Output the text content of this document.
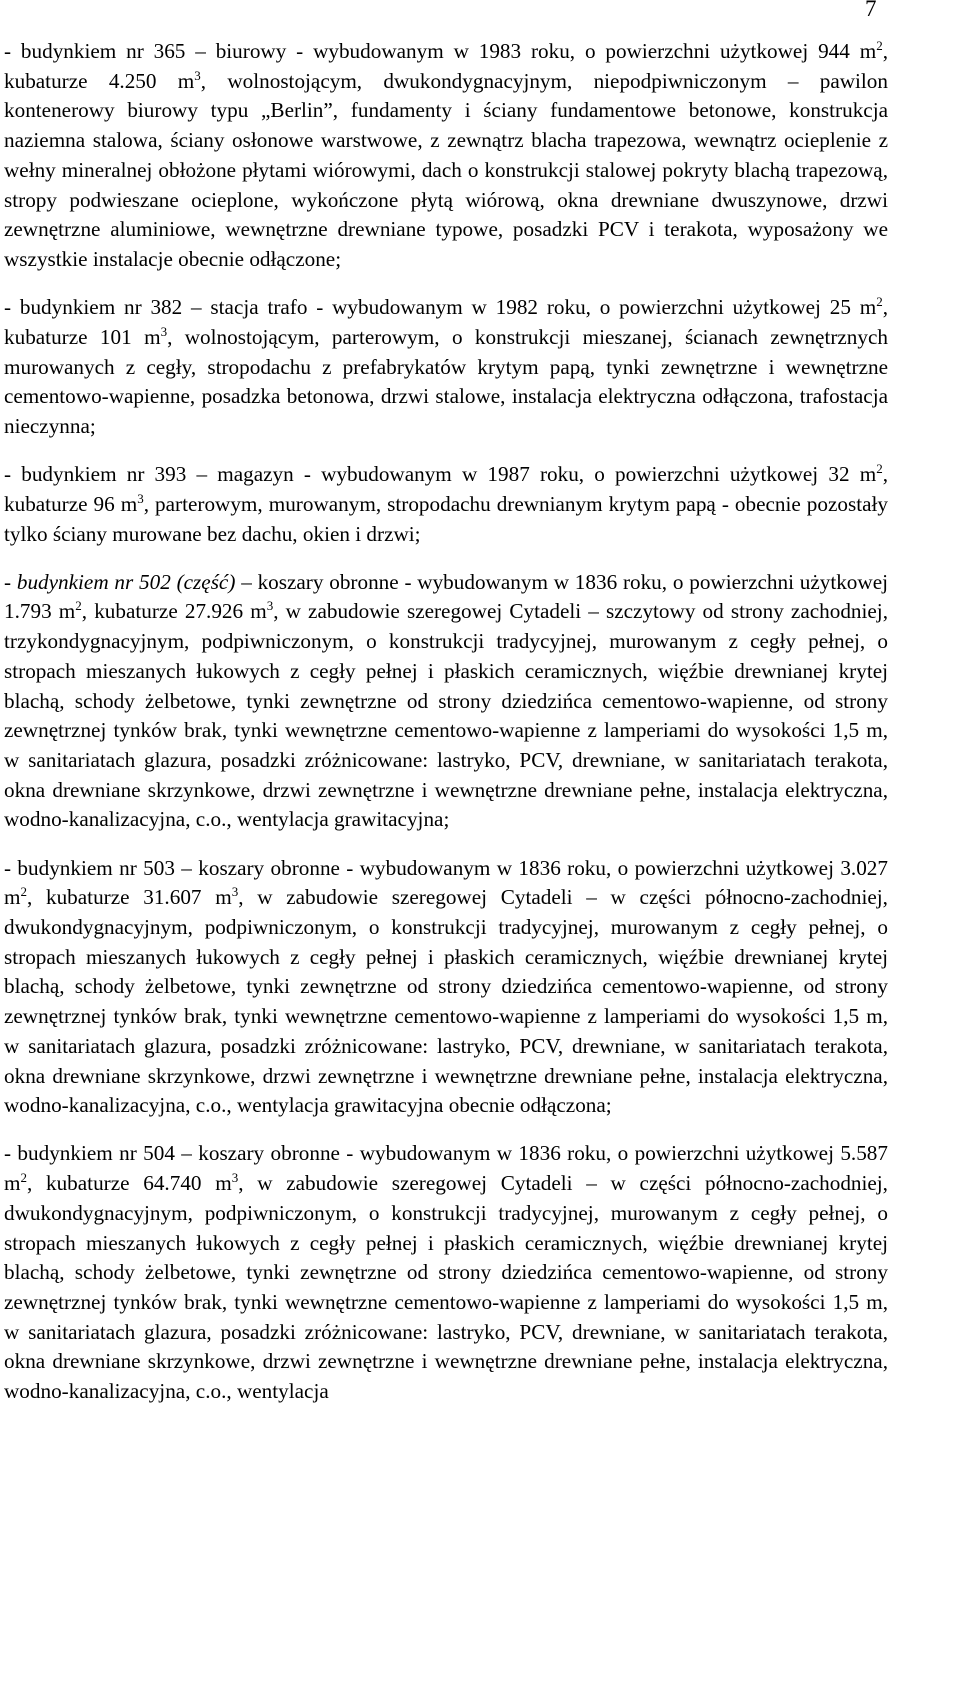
7

- budynkiem nr 365 – biurowy - wybudowanym w 1983 roku, o powierzchni użytkowej 944 $m^2$, kubaturze 4.250 $m^3$, wolnostojącym, dwukondygnacyjnym, niepodpiwniczonym – pawilon kontenerowy biurowy typu „Berlin”, fundamenty i ściany fundamentowe betonowe, konstrukcja naziemna stalowa, ściany osłonowe warstwowe, z zewnątrz blacha trapezowa, wewnątrz ocieplenie z wełny mineralnej obłożone płytami wiórowymi, dach o konstrukcji stalowej pokryty blachą trapezową, stropy podwieszane ocieplone, wykończone płytą wiórową, okna drewniane dwuszynowe, drzwi zewnętrzne aluminiowe, wewnętrzne drewniane typowe, posadzki PCV i terakota, wyposażony we wszystkie instalacje obecnie odłączone;

- budynkiem nr 382 – stacja trafo - wybudowanym w 1982 roku, o powierzchni użytkowej 25 $m^2$, kubaturze 101 $m^3$, wolnostojącym, parterowym, o konstrukcji mieszanej, ścianach zewnętrznych murowanych z cegły, stropodachu z prefabrykatów krytym papą, tynki zewnętrzne i wewnętrzne cementowo-wapienne, posadzka betonowa, drzwi stalowe, instalacja elektryczna odłączona, trafostacja nieczynna;

- budynkiem nr 393 – magazyn - wybudowanym w 1987 roku, o powierzchni użytkowej 32 $m^2$, kubaturze 96 $m^3$, parterowym, murowanym, stropodachu drewnianym krytym papą - obecnie pozostały tylko ściany murowane bez dachu, okien i drzwi;

- budynkiem nr 502 (część) – koszary obronne - wybudowanym w 1836 roku, o powierzchni użytkowej 1.793 $m^2$, kubaturze 27.926 $m^3$, w zabudowie szeregowej Cytadeli – szczytowy od strony zachodniej, trzykondygnacyjnym, podpiwniczonym, o konstrukcji tradycyjnej, murowanym z cegły pełnej, o stropach mieszanych łukowych z cegły pełnej i płaskich ceramicznych, więźbie drewnianej krytej blachą, schody żelbetowe, tynki zewnętrzne od strony dziedzińca cementowo-wapienne, od strony zewnętrznej tynków brak, tynki wewnętrzne cementowo-wapienne z lamperiami do wysokości 1,5 m, w sanitariatach glazura, posadzki zróżnicowane: lastryko, PCV, drewniane, w sanitariatach terakota, okna drewniane skrzynkowe, drzwi zewnętrzne i wewnętrzne drewniane pełne, instalacja elektryczna, wodno-kanalizacyjna, c.o., wentylacja grawitacyjna;

- budynkiem nr 503 – koszary obronne - wybudowanym w 1836 roku, o powierzchni użytkowej 3.027 $m^2$, kubaturze 31.607 $m^3$, w zabudowie szeregowej Cytadeli – w części północno-zachodniej, dwukondygnacyjnym, podpiwniczonym, o konstrukcji tradycyjnej, murowanym z cegły pełnej, o stropach mieszanych łukowych z cegły pełnej i płaskich ceramicznych, więźbie drewnianej krytej blachą, schody żelbetowe, tynki zewnętrzne od strony dziedzińca cementowo-wapienne, od strony zewnętrznej tynków brak, tynki wewnętrzne cementowo-wapienne z lamperiami do wysokości 1,5 m, w sanitariatach glazura, posadzki zróżnicowane: lastryko, PCV, drewniane, w sanitariatach terakota, okna drewniane skrzynkowe, drzwi zewnętrzne i wewnętrzne drewniane pełne, instalacja elektryczna, wodno-kanalizacyjna, c.o., wentylacja grawitacyjna obecnie odłączona;

- budynkiem nr 504 – koszary obronne - wybudowanym w 1836 roku, o powierzchni użytkowej 5.587 $m^2$, kubaturze 64.740 $m^3$, w zabudowie szeregowej Cytadeli – w części północno-zachodniej, dwukondygnacyjnym, podpiwniczonym, o konstrukcji tradycyjnej, murowanym z cegły pełnej, o stropach mieszanych łukowych z cegły pełnej i płaskich ceramicznych, więźbie drewnianej krytej blachą, schody żelbetowe, tynki zewnętrzne od strony dziedzińca cementowo-wapienne, od strony zewnętrznej tynków brak, tynki wewnętrzne cementowo-wapienne z lamperiami do wysokości 1,5 m, w sanitariatach glazura, posadzki zróżnicowane: lastryko, PCV, drewniane, w sanitariatach terakota, okna drewniane skrzynkowe, drzwi zewnętrzne i wewnętrzne drewniane pełne, instalacja elektryczna, wodno-kanalizacyjna, c.o., wentylacja
